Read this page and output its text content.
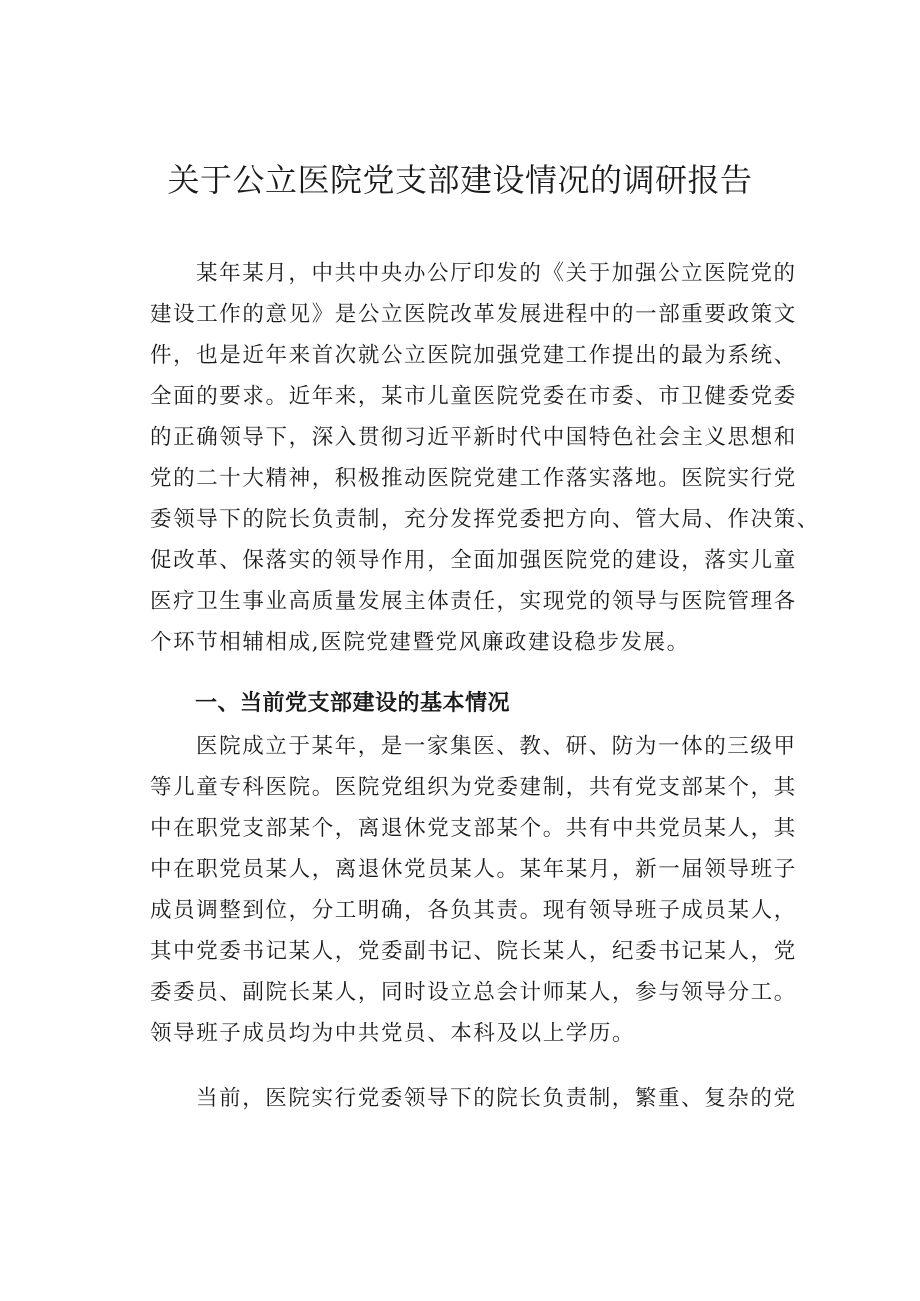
关于公立医院党支部建设情况的调研报告
某年某月，中共中央办公厅印发的《关于加强公立医院党的
建设工作的意见》是公立医院改革发展进程中的一部重要政策文
件，也是近年来首次就公立医院加强党建工作提出的最为系统、
全面的要求。近年来，某市儿童医院党委在市委、市卫健委党委
的正确领导下，深入贯彻习近平新时代中国特色社会主义思想和
党的二十大精神，积极推动医院党建工作落实落地。医院实行党
委领导下的院长负责制，充分发挥党委把方向、管大局、作决策、
促改革、保落实的领导作用，全面加强医院党的建设，落实儿童
医疗卫生事业高质量发展主体责任，实现党的领导与医院管理各
个环节相辅相成,医院党建暨党风廉政建设稳步发展。
一、当前党支部建设的基本情况
医院成立于某年，是一家集医、教、研、防为一体的三级甲
等儿童专科医院。医院党组织为党委建制，共有党支部某个，其
中在职党支部某个，离退休党支部某个。共有中共党员某人，其
中在职党员某人，离退休党员某人。某年某月，新一届领导班子
成员调整到位，分工明确，各负其责。现有领导班子成员某人，
其中党委书记某人，党委副书记、院长某人，纪委书记某人，党
委委员、副院长某人，同时设立总会计师某人，参与领导分工。
领导班子成员均为中共党员、本科及以上学历。
当前，医院实行党委领导下的院长负责制，繁重、复杂的党
